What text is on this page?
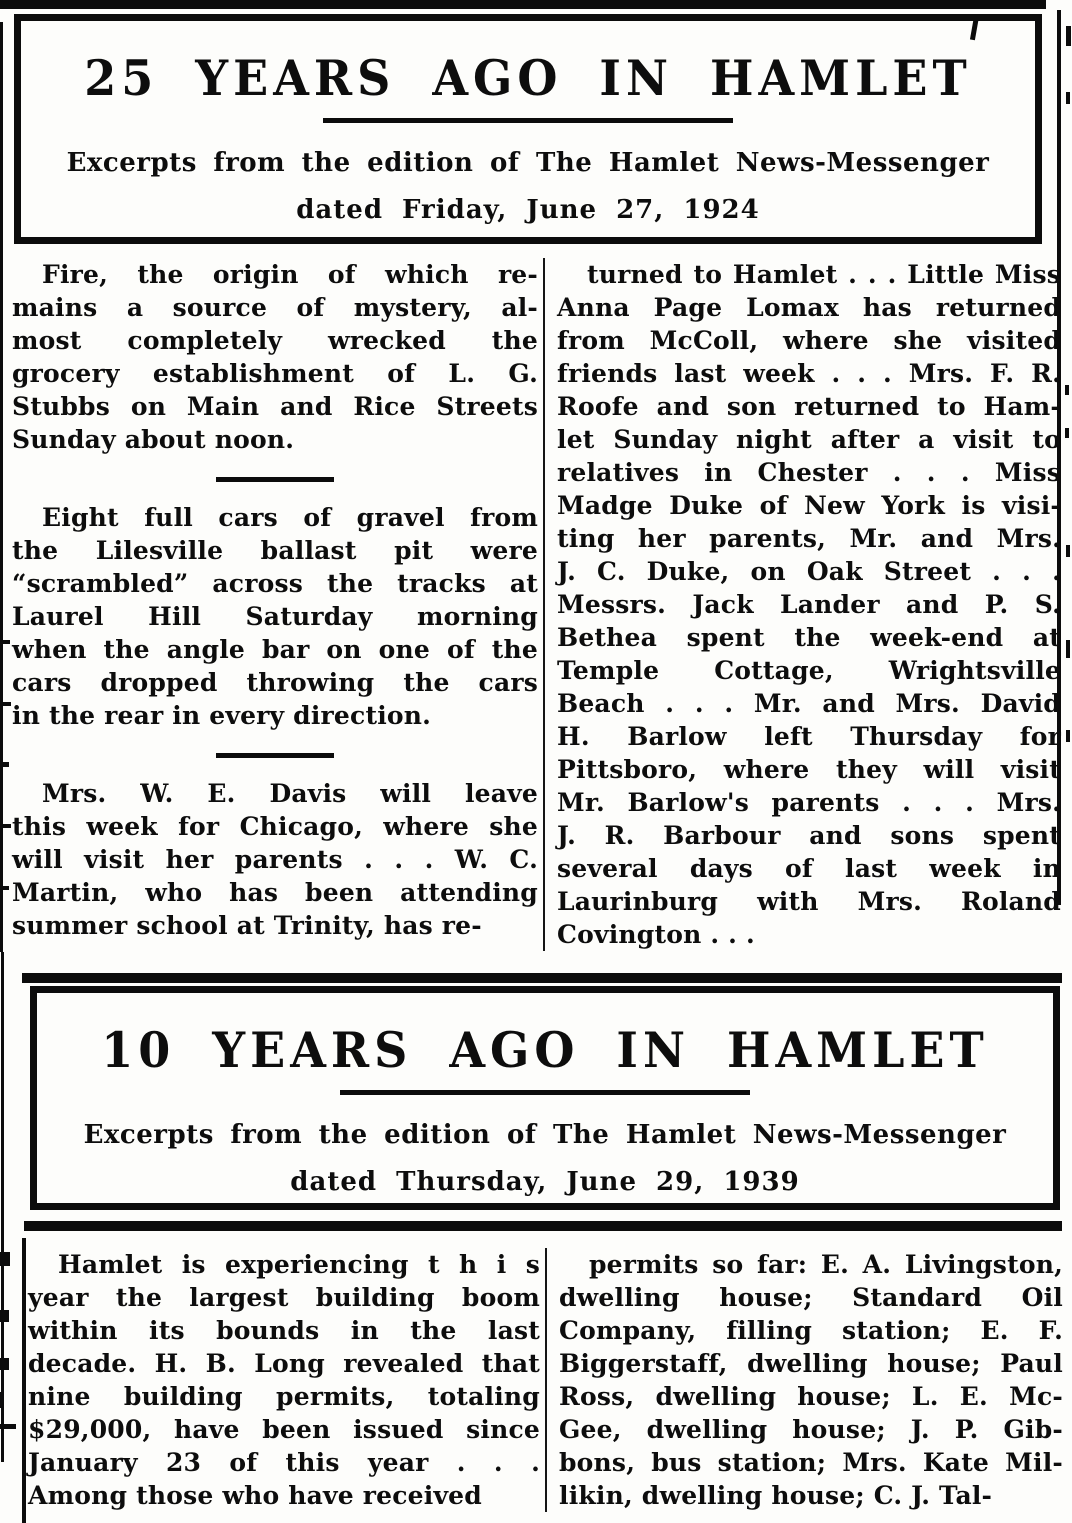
25 YEARS AGO IN HAMLET
Excerpts from the edition of The Hamlet News-Messenger
dated Friday, June 27, 1924
Fire, the origin of which re-
mains a source of mystery, al-
most completely wrecked the
grocery establishment of L. G.
Stubbs on Main and Rice Streets
Sunday about noon.
Eight full cars of gravel from
the Lilesville ballast pit were
“scrambled” across the tracks at
Laurel Hill Saturday morning
when the angle bar on one of the
cars dropped throwing the cars
in the rear in every direction.
Mrs. W. E. Davis will leave
this week for Chicago, where she
will visit her parents . . . W. C.
Martin, who has been attending
summer school at Trinity, has re-
turned to Hamlet . . . Little Miss
Anna Page Lomax has returned
from McColl, where she visited
friends last week . . . Mrs. F. R.
Roofe and son returned to Ham-
let Sunday night after a visit to
relatives in Chester . . . Miss
Madge Duke of New York is visi-
ting her parents, Mr. and Mrs.
J. C. Duke, on Oak Street . . .
Messrs. Jack Lander and P. S.
Bethea spent the week-end at
Temple Cottage, Wrightsville
Beach . . . Mr. and Mrs. David
H. Barlow left Thursday for
Pittsboro, where they will visit
Mr. Barlow's parents . . . Mrs.
J. R. Barbour and sons spent
several days of last week in
Laurinburg with Mrs. Roland
Covington . . .
10 YEARS AGO IN HAMLET
Excerpts from the edition of The Hamlet News-Messenger
dated Thursday, June 29, 1939
Hamlet is experiencing t h i s
year the largest building boom
within its bounds in the last
decade. H. B. Long revealed that
nine building permits, totaling
$29,000, have been issued since
January 23 of this year . . .
Among those who have received
permits so far: E. A. Livingston,
dwelling house; Standard Oil
Company, filling station; E. F.
Biggerstaff, dwelling house; Paul
Ross, dwelling house; L. E. Mc-
Gee, dwelling house; J. P. Gib-
bons, bus station; Mrs. Kate Mil-
likin, dwelling house; C. J. Tal-
